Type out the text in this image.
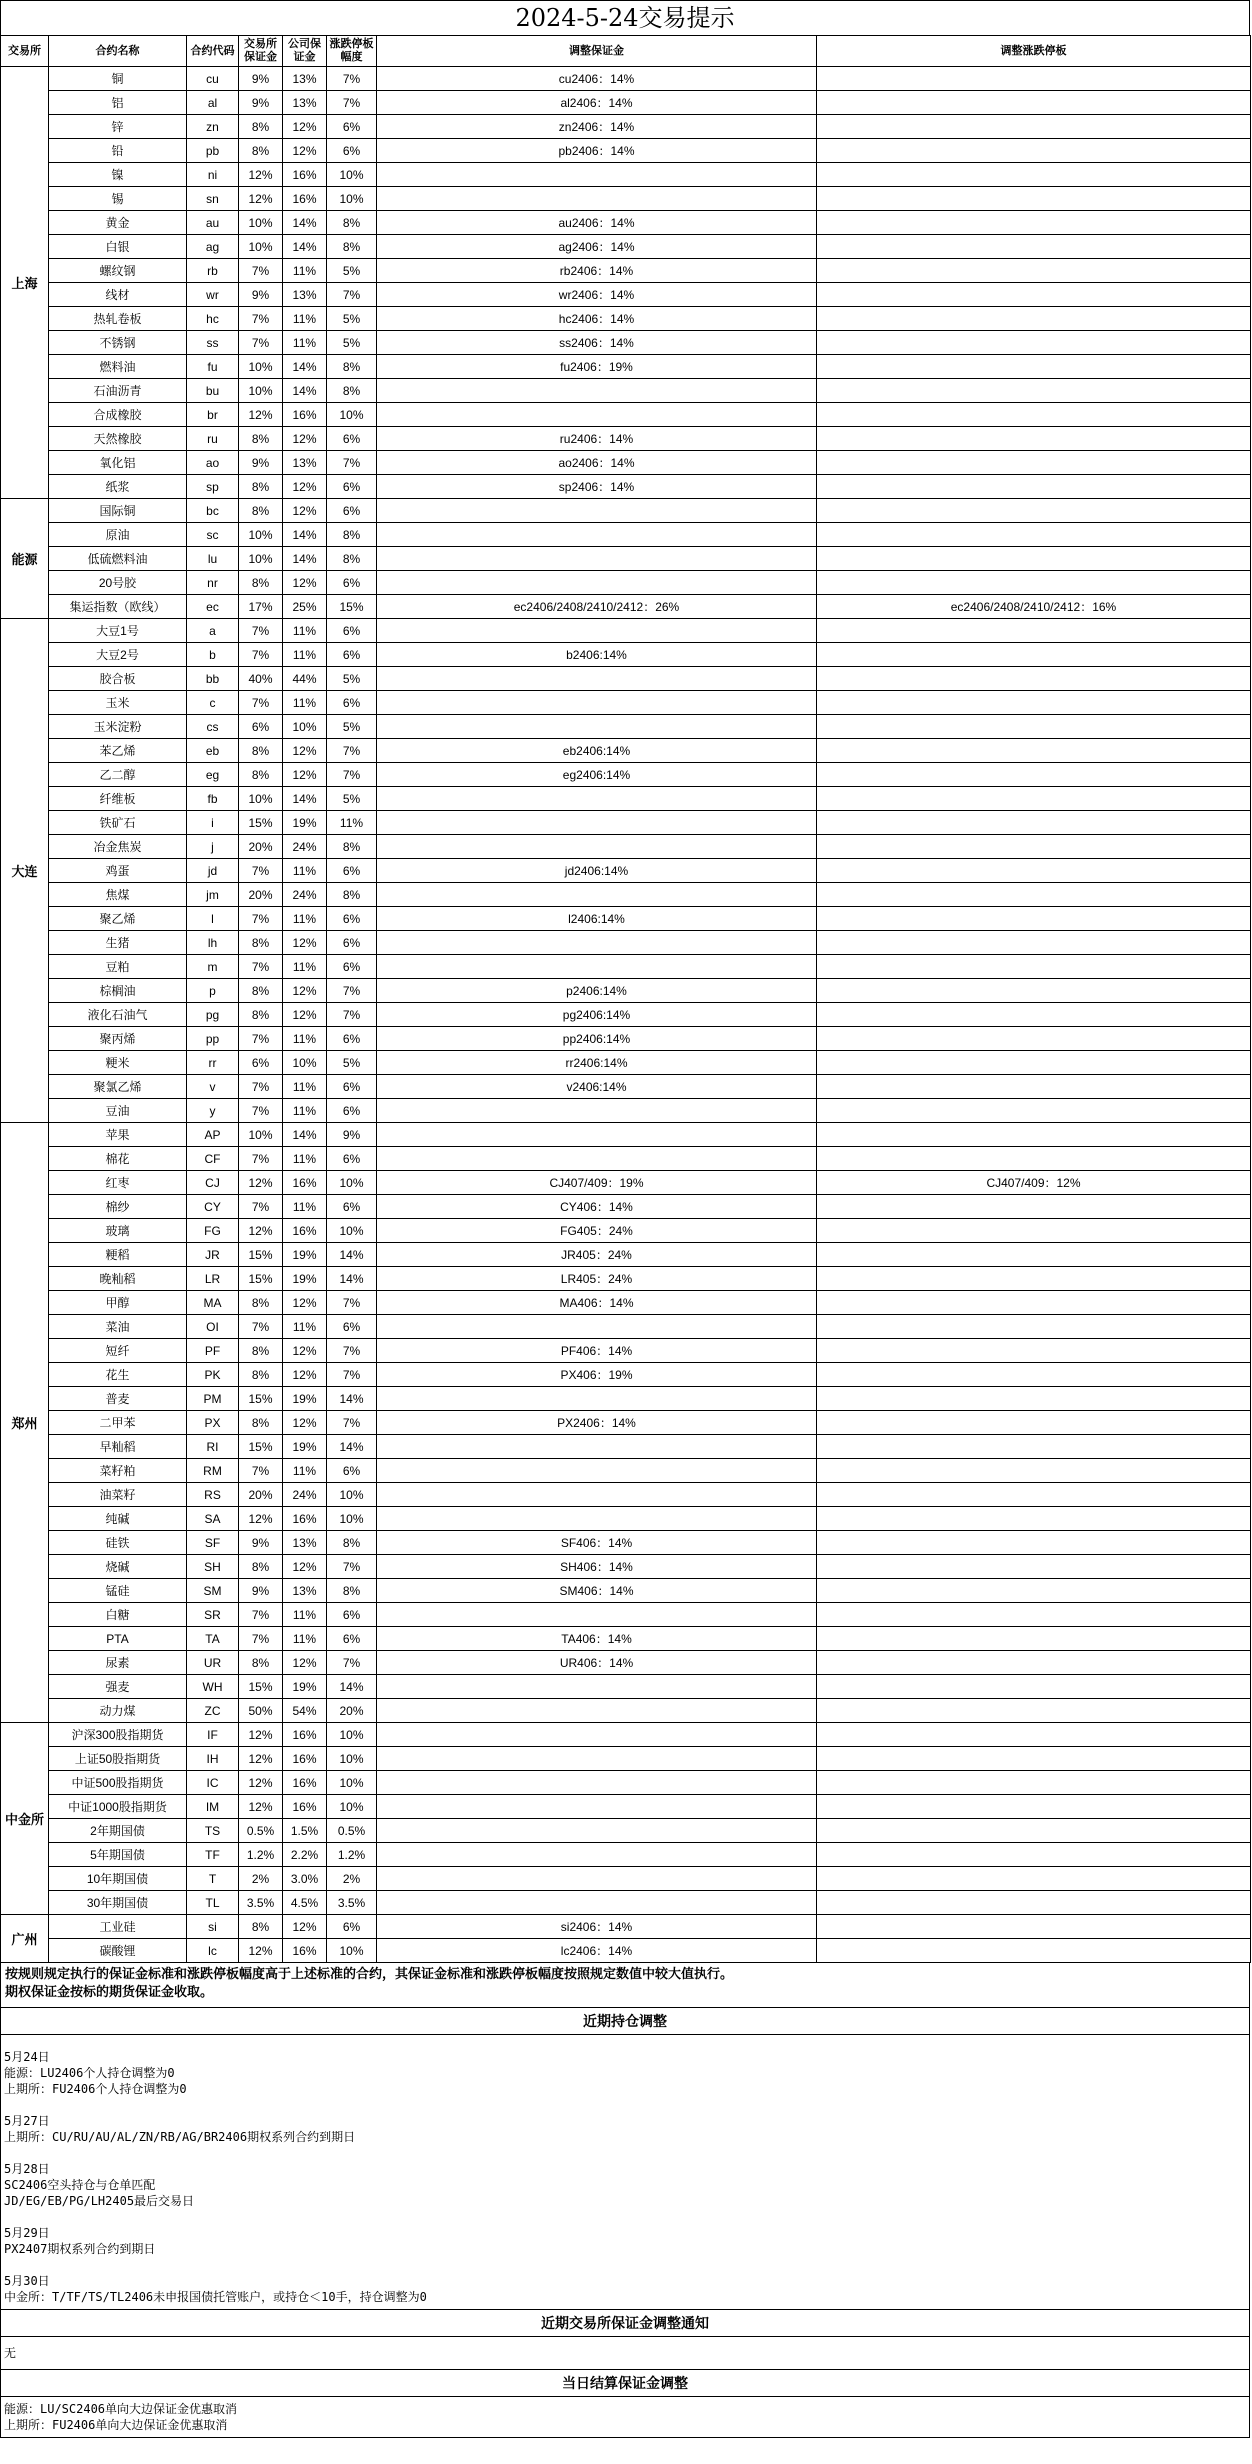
2024-5-24交易提示
交易所	合约名称	合约代码	交易所保证金	公司保证金	涨跌停板幅度	调整保证金	调整涨跌停板
上海	铜	cu	9%	13%	7%	cu2406：14%	
	铝	al	9%	13%	7%	al2406：14%	
	锌	zn	8%	12%	6%	zn2406：14%	
	铅	pb	8%	12%	6%	pb2406：14%	
	镍	ni	12%	16%	10%		
	锡	sn	12%	16%	10%		
	黄金	au	10%	14%	8%	au2406：14%	
	白银	ag	10%	14%	8%	ag2406：14%	
	螺纹钢	rb	7%	11%	5%	rb2406：14%	
	线材	wr	9%	13%	7%	wr2406：14%	
	热轧卷板	hc	7%	11%	5%	hc2406：14%	
	不锈钢	ss	7%	11%	5%	ss2406：14%	
	燃料油	fu	10%	14%	8%	fu2406：19%	
	石油沥青	bu	10%	14%	8%		
	合成橡胶	br	12%	16%	10%		
	天然橡胶	ru	8%	12%	6%	ru2406：14%	
	氧化铝	ao	9%	13%	7%	ao2406：14%	
	纸浆	sp	8%	12%	6%	sp2406：14%	
能源	国际铜	bc	8%	12%	6%		
	原油	sc	10%	14%	8%		
	低硫燃料油	lu	10%	14%	8%		
	20号胶	nr	8%	12%	6%		
	集运指数（欧线）	ec	17%	25%	15%	ec2406/2408/2410/2412：26%	ec2406/2408/2410/2412：16%
大连	大豆1号	a	7%	11%	6%		
	大豆2号	b	7%	11%	6%	b2406:14%	
	胶合板	bb	40%	44%	5%		
	玉米	c	7%	11%	6%		
	玉米淀粉	cs	6%	10%	5%		
	苯乙烯	eb	8%	12%	7%	eb2406:14%	
	乙二醇	eg	8%	12%	7%	eg2406:14%	
	纤维板	fb	10%	14%	5%		
	铁矿石	i	15%	19%	11%		
	冶金焦炭	j	20%	24%	8%		
	鸡蛋	jd	7%	11%	6%	jd2406:14%	
	焦煤	jm	20%	24%	8%		
	聚乙烯	l	7%	11%	6%	l2406:14%	
	生猪	lh	8%	12%	6%		
	豆粕	m	7%	11%	6%		
	棕榈油	p	8%	12%	7%	p2406:14%	
	液化石油气	pg	8%	12%	7%	pg2406:14%	
	聚丙烯	pp	7%	11%	6%	pp2406:14%	
	粳米	rr	6%	10%	5%	rr2406:14%	
	聚氯乙烯	v	7%	11%	6%	v2406:14%	
	豆油	y	7%	11%	6%		
郑州	苹果	AP	10%	14%	9%		
	棉花	CF	7%	11%	6%		
	红枣	CJ	12%	16%	10%	CJ407/409：19%	CJ407/409：12%
	棉纱	CY	7%	11%	6%	CY406：14%	
	玻璃	FG	12%	16%	10%	FG405：24%	
	粳稻	JR	15%	19%	14%	JR405：24%	
	晚籼稻	LR	15%	19%	14%	LR405：24%	
	甲醇	MA	8%	12%	7%	MA406：14%	
	菜油	OI	7%	11%	6%		
	短纤	PF	8%	12%	7%	PF406：14%	
	花生	PK	8%	12%	7%	PX406：19%	
	普麦	PM	15%	19%	14%		
	二甲苯	PX	8%	12%	7%	PX2406：14%	
	早籼稻	RI	15%	19%	14%		
	菜籽粕	RM	7%	11%	6%		
	油菜籽	RS	20%	24%	10%		
	纯碱	SA	12%	16%	10%		
	硅铁	SF	9%	13%	8%	SF406：14%	
	烧碱	SH	8%	12%	7%	SH406：14%	
	锰硅	SM	9%	13%	8%	SM406：14%	
	白糖	SR	7%	11%	6%		
	PTA	TA	7%	11%	6%	TA406：14%	
	尿素	UR	8%	12%	7%	UR406：14%	
	强麦	WH	15%	19%	14%		
	动力煤	ZC	50%	54%	20%		
中金所	沪深300股指期货	IF	12%	16%	10%		
	上证50股指期货	IH	12%	16%	10%		
	中证500股指期货	IC	12%	16%	10%		
	中证1000股指期货	IM	12%	16%	10%		
	2年期国债	TS	0.5%	1.5%	0.5%		
	5年期国债	TF	1.2%	2.2%	1.2%		
	10年期国债	T	2%	3.0%	2%		
	30年期国债	TL	3.5%	4.5%	3.5%		
广州	工业硅	si	8%	12%	6%	si2406：14%	
	碳酸锂	lc	12%	16%	10%	lc2406：14%	
按规则规定执行的保证金标准和涨跌停板幅度高于上述标准的合约，其保证金标准和涨跌停板幅度按照规定数值中较大值执行。
期权保证金按标的期货保证金收取。
近期持仓调整
5月24日
能源：LU2406个人持仓调整为0
上期所：FU2406个人持仓调整为0
5月27日
上期所：CU/RU/AU/AL/ZN/RB/AG/BR2406期权系列合约到期日
5月28日
SC2406空头持仓与仓单匹配
JD/EG/EB/PG/LH2405最后交易日
5月29日
PX2407期权系列合约到期日
5月30日
中金所：T/TF/TS/TL2406未申报国债托管账户，或持仓＜10手，持仓调整为0
近期交易所保证金调整通知
无
当日结算保证金调整
能源：LU/SC2406单向大边保证金优惠取消
上期所：FU2406单向大边保证金优惠取消
